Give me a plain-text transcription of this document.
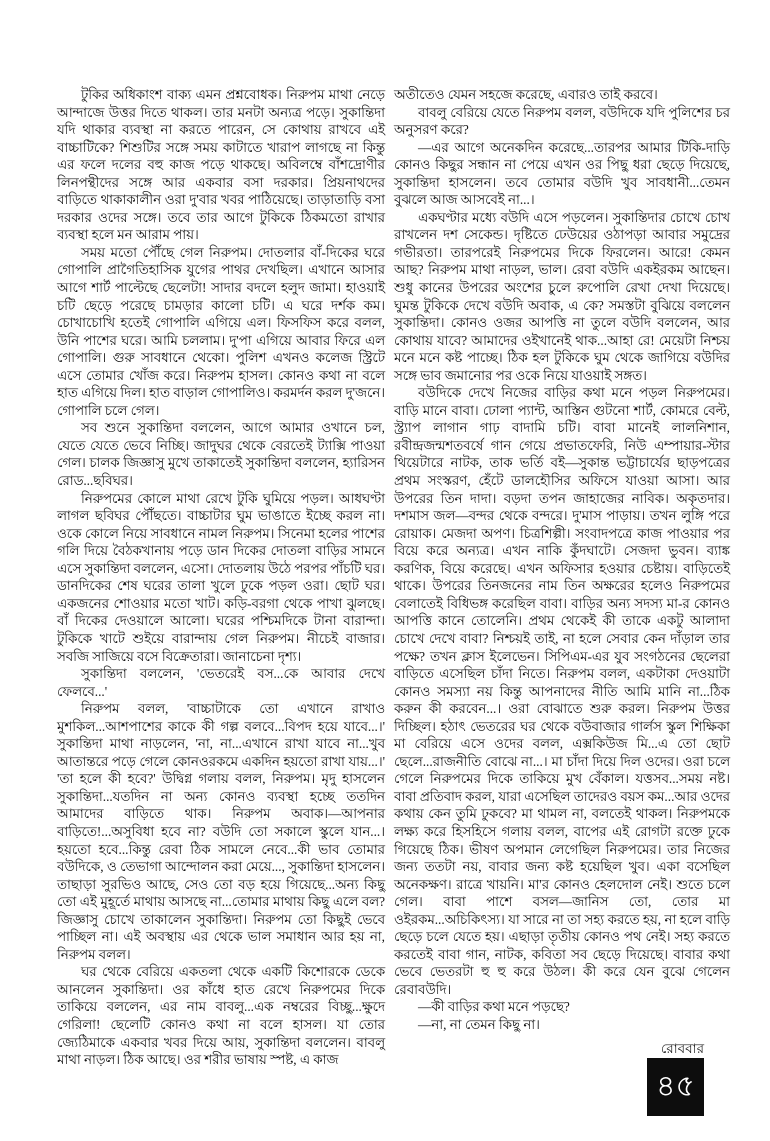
টুকির অধিকাংশ বাক্য এমন প্রশ্নবোধক। নিরুপম মাথা নেড়ে আন্দাজে উত্তর দিতে থাকল। তার মনটা অন্যত্র পড়ে। সুকান্তিদা যদি থাকার ব্যবস্থা না করতে পারেন, সে কোথায় রাখবে এই বাচ্চাটিকে? শিশুটির সঙ্গে সময় কাটাতে খারাপ লাগছে না কিন্তু এর ফলে দলের বহু কাজ পড়ে থাকছে। অবিলম্বে বাঁশদ্রোণীর লিনপন্থীদের সঙ্গে আর একবার বসা দরকার। প্রিয়নাথদের বাড়িতে থাকাকালীন ওরা দু'বার খবর পাঠিয়েছে। তাড়াতাড়ি বসা দরকার ওদের সঙ্গে। তবে তার আগে টুকিকে ঠিকমতো রাখার ব্যবস্থা হলে মন আরাম পায়।

সময় মতো পৌঁছে গেল নিরুপম। দোতলার বাঁ-দিকের ঘরে গোপালি প্রাগৈতিহাসিক যুগের পাথর দেখছিল। এখানে আসার আগে শার্ট পাল্টেছে ছেলেটা! সাদার বদলে হলুদ জামা। হাওয়াই চটি ছেড়ে পরেছে চামড়ার কালো চটি। এ ঘরে দর্শক কম। চোখাচোখি হতেই গোপালি এগিয়ে এল। ফিসফিস করে বলল, উনি পাশের ঘরে। আমি চললাম। দু'পা এগিয়ে আবার ফিরে এল গোপালি। গুরু সাবধানে থেকো। পুলিশ এখনও কলেজ স্ট্রিটে এসে তোমার খোঁজ করে। নিরুপম হাসল। কোনও কথা না বলে হাত এগিয়ে দিল। হাত বাড়াল গোপালিও। করমর্দন করল দু'জনে। গোপালি চলে গেল।

সব শুনে সুকান্তিদা বললেন, আগে আমার ওখানে চল, যেতে যেতে ভেবে নিচ্ছি। জাদুঘর থেকে বেরতেই ট্যাক্সি পাওয়া গেল। চালক জিজ্ঞাসু মুখে তাকাতেই সুকান্তিদা বললেন, হ্যারিসন রোড...ছবিঘর।

নিরুপমের কোলে মাথা রেখে টুকি ঘুমিয়ে পড়ল। আধঘণ্টা লাগল ছবিঘর পৌঁছতে। বাচ্চাটার ঘুম ভাঙাতে ইচ্ছে করল না। ওকে কোলে নিয়ে সাবধানে নামল নিরুপম। সিনেমা হলের পাশের গলি দিয়ে বৈঠকখানায় পড়ে ডান দিকের দোতলা বাড়ির সামনে এসে সুকান্তিদা বললেন, এসো। দোতলায় উঠে পরপর পাঁচটি ঘর। ডানদিকের শেষ ঘরের তালা খুলে ঢুকে পড়ল ওরা। ছোট ঘর। একজনের শোওয়ার মতো খাট। কড়ি-বরগা থেকে পাখা ঝুলছে। বাঁ দিকের দেওয়ালে আলো। ঘরের পশ্চিমদিকে টানা বারান্দা। টুকিকে খাটে শুইয়ে বারান্দায় গেল নিরুপম। নীচেই বাজার। সবজি সাজিয়ে বসে বিক্রেতারা। জানাচেনা দৃশ্য।

সুকান্তিদা বললেন, 'ভেতরেই বস...কে আবার দেখে ফেলবে...'

নিরুপম বলল, 'বাচ্চাটাকে তো এখানে রাখাও মুশকিল...আশপাশের কাকে কী গল্প বলবে...বিপদ হয়ে যাবে...।' সুকান্তিদা মাথা নাড়লেন, 'না, না...এখানে রাখা যাবে না...খুব আতান্তরে পড়ে গেলে কোনওরকমে একদিন হয়তো রাখা যায়...।' 'তা হলে কী হবে?' উদ্বিগ্ন গলায় বলল, নিরুপম। মৃদু হাসলেন সুকান্তিদা...যতদিন না অন্য কোনও ব্যবস্থা হচ্ছে ততদিন আমাদের বাড়িতে থাক। নিরুপম অবাক।—আপনার বাড়িতে!...অসুবিধা হবে না? বউদি তো সকালে স্কুলে যান...। হয়তো হবে...কিন্তু রেবা ঠিক সামলে নেবে...কী ভাব তোমার বউদিকে, ও তেভাগা আন্দোলন করা মেয়ে..., সুকান্তিদা হাসলেন। তাছাড়া সুরভিও আছে, সেও তো বড় হয়ে গিয়েছে...অন্য কিছু তো এই মুহূর্তে মাথায় আসছে না...তোমার মাথায় কিছু এলে বল? জিজ্ঞাসু চোখে তাকালেন সুকান্তিদা। নিরুপম তো কিছুই ভেবে পাচ্ছিল না। এই অবস্থায় এর থেকে ভাল সমাধান আর হয় না, নিরুপম বলল।

ঘর থেকে বেরিয়ে একতলা থেকে একটি কিশোরকে ডেকে আনলেন সুকান্তিদা। ওর কাঁধে হাত রেখে নিরুপমের দিকে তাকিয়ে বললেন, এর নাম বাবলু...এক নম্বরের বিচ্ছু...ক্ষুদে গেরিলা! ছেলেটি কোনও কথা না বলে হাসল। যা তোর জ্যেঠিমাকে একবার খবর দিয়ে আয়, সুকান্তিদা বললেন। বাবলু মাথা নাড়ল। ঠিক আছে। ওর শরীর ভাষায় স্পষ্ট, এ কাজ

অতীতেও যেমন সহজে করেছে, এবারও তাই করবে।

বাবলু বেরিয়ে যেতে নিরুপম বলল, বউদিকে যদি পুলিশের চর অনুসরণ করে?

—এর আগে অনেকদিন করেছে...তারপর আমার টিকি-দাড়ি কোনও কিছুর সন্ধান না পেয়ে এখন ওর পিছু ধরা ছেড়ে দিয়েছে, সুকান্তিদা হাসলেন। তবে তোমার বউদি খুব সাবধানী...তেমন বুঝলে আজ আসবেই না...।

একঘণ্টার মধ্যে বউদি এসে পড়লেন। সুকান্তিদার চোখে চোখ রাখলেন দশ সেকেন্ড। দৃষ্টিতে ঢেউয়ের ওঠাপড়া আবার সমুদ্রের গভীরতা। তারপরেই নিরুপমের দিকে ফিরলেন। আরে! কেমন আছ? নিরুপম মাথা নাড়ল, ভাল। রেবা বউদি একইরকম আছেন। শুধু কানের উপরের অংশের চুলে রুপোলি রেখা দেখা দিয়েছে। ঘুমন্ত টুকিকে দেখে বউদি অবাক, এ কে? সমস্তটা বুঝিয়ে বললেন সুকান্তিদা। কোনও ওজর আপত্তি না তুলে বউদি বললেন, আর কোথায় যাবে? আমাদের ওইখানেই থাক...আহা রে! মেয়েটা নিশ্চয় মনে মনে কষ্ট পাচ্ছে। ঠিক হল টুকিকে ঘুম থেকে জাগিয়ে বউদির সঙ্গে ভাব জমানোর পর ওকে নিয়ে যাওয়াই সঙ্গত।

বউদিকে দেখে নিজের বাড়ির কথা মনে পড়ল নিরুপমের। বাড়ি মানে বাবা। ঢোলা প্যান্ট, আস্তিন গুটনো শার্ট, কোমরে বেল্ট, স্ট্র্যাপ লাগান গাঢ় বাদামি চটি। বাবা মানেই লালনিশান, রবীন্দ্রজন্মশতবর্ষে গান গেয়ে প্রভাতফেরি, নিউ এম্পায়ার-স্টার থিয়েটারে নাটক, তাক ভর্তি বই—সুকান্ত ভট্টাচার্যের ছাড়পত্রের প্রথম সংস্করণ, হেঁটে ডালহৌসির অফিসে যাওয়া আসা। আর উপরের তিন দাদা। বড়দা তপন জাহাজের নাবিক। অকৃতদার। দশমাস জল—বন্দর থেকে বন্দরে। দু'মাস পাড়ায়। তখন লুঙ্গি পরে রোয়াক। মেজদা অপণ। চিত্রশিল্পী। সংবাদপত্রে কাজ পাওয়ার পর বিয়ে করে অন্যত্র। এখন নাকি কুঁদঘাটে। সেজদা ভুবন। ব্যাঙ্ক করণিক, বিয়ে করেছে। এখন অফিসার হওয়ার চেষ্টায়। বাড়িতেই থাকে। উপরের তিনজনের নাম তিন অক্ষরের হলেও নিরুপমের বেলাতেই বিধিভঙ্গ করেছিল বাবা। বাড়ির অন্য সদস্য মা-র কোনও আপত্তি কানে তোলেনি। প্রথম থেকেই কী তাকে একটু আলাদা চোখে দেখে বাবা? নিশ্চয়ই তাই, না হলে সেবার কেন দাঁড়াল তার পক্ষে? তখন ক্লাস ইলেভেন। সিপিএম-এর যুব সংগঠনের ছেলেরা বাড়িতে এসেছিল চাঁদা নিতে। নিরুপম বলল, একটাকা দেওয়াটা কোনও সমস্যা নয় কিন্তু আপনাদের নীতি আমি মানি না...ঠিক করুন কী করবেন...। ওরা বোঝাতে শুরু করল। নিরুপম উত্তর দিচ্ছিল। হঠাৎ ভেতরের ঘর থেকে বউবাজার গার্লস স্কুল শিক্ষিকা মা বেরিয়ে এসে ওদের বলল, এক্সকিউজ মি...এ তো ছোট ছেলে...রাজনীতি বোঝে না...। মা চাঁদা দিয়ে দিল ওদের। ওরা চলে গেলে নিরুপমের দিকে তাকিয়ে মুখ বেঁকাল। যত্তসব...সময় নষ্ট। বাবা প্রতিবাদ করল, যারা এসেছিল তাদেরও বয়স কম...আর ওদের কথায় কেন তুমি ঢুকবে? মা থামল না, বলতেই থাকল। নিরুপমকে লক্ষ্য করে হিসহিসে গলায় বলল, বাপের এই রোগটা রক্তে ঢুকে গিয়েছে ঠিক। ভীষণ অপমান লেগেছিল নিরুপমের। তার নিজের জন্য ততটা নয়, বাবার জন্য কষ্ট হয়েছিল খুব। একা বসেছিল অনেকক্ষণ। রাত্রে খায়নি। মা'র কোনও হেলদোল নেই। শুতে চলে গেল। বাবা পাশে বসল—জানিস তো, তোর মা ওইরকম...অচিকিৎস্য। যা সারে না তা সহ্য করতে হয়, না হলে বাড়ি ছেড়ে চলে যেতে হয়। এছাড়া তৃতীয় কোনও পথ নেই। সহ্য করতে করতেই বাবা গান, নাটক, কবিতা সব ছেড়ে দিয়েছে। বাবার কথা ভেবে ভেতরটা হু হু করে উঠল। কী করে যেন বুঝে গেলেন রেবাবউদি।

—কী বাড়ির কথা মনে পড়ছে?

—না, না তেমন কিছু না।

রোববার
৪৫
